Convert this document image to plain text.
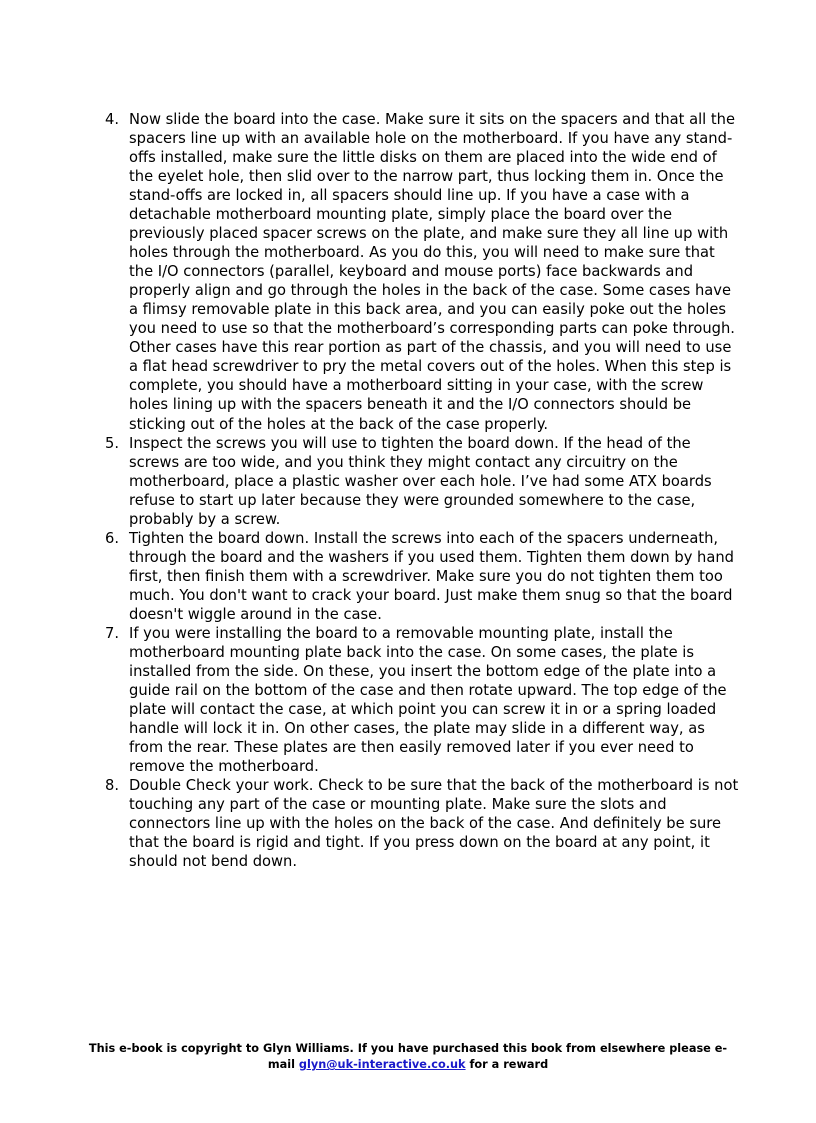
4. Now slide the board into the case. Make sure it sits on the spacers and that all the spacers line up with an available hole on the motherboard. If you have any stand-offs installed, make sure the little disks on them are placed into the wide end of the eyelet hole, then slid over to the narrow part, thus locking them in. Once the stand-offs are locked in, all spacers should line up. If you have a case with a detachable motherboard mounting plate, simply place the board over the previously placed spacer screws on the plate, and make sure they all line up with holes through the motherboard. As you do this, you will need to make sure that the I/O connectors (parallel, keyboard and mouse ports) face backwards and properly align and go through the holes in the back of the case. Some cases have a flimsy removable plate in this back area, and you can easily poke out the holes you need to use so that the motherboard’s corresponding parts can poke through. Other cases have this rear portion as part of the chassis, and you will need to use a flat head screwdriver to pry the metal covers out of the holes. When this step is complete, you should have a motherboard sitting in your case, with the screw holes lining up with the spacers beneath it and the I/O connectors should be sticking out of the holes at the back of the case properly.
5. Inspect the screws you will use to tighten the board down. If the head of the screws are too wide, and you think they might contact any circuitry on the motherboard, place a plastic washer over each hole. I’ve had some ATX boards refuse to start up later because they were grounded somewhere to the case, probably by a screw.
6. Tighten the board down. Install the screws into each of the spacers underneath, through the board and the washers if you used them. Tighten them down by hand first, then finish them with a screwdriver. Make sure you do not tighten them too much. You don't want to crack your board. Just make them snug so that the board doesn't wiggle around in the case.
7. If you were installing the board to a removable mounting plate, install the motherboard mounting plate back into the case. On some cases, the plate is installed from the side. On these, you insert the bottom edge of the plate into a guide rail on the bottom of the case and then rotate upward. The top edge of the plate will contact the case, at which point you can screw it in or a spring loaded handle will lock it in. On other cases, the plate may slide in a different way, as from the rear. These plates are then easily removed later if you ever need to remove the motherboard.
8. Double Check your work. Check to be sure that the back of the motherboard is not touching any part of the case or mounting plate. Make sure the slots and connectors line up with the holes on the back of the case. And definitely be sure that the board is rigid and tight. If you press down on the board at any point, it should not bend down.
This e-book is copyright to Glyn Williams. If you have purchased this book from elsewhere please e-mail glyn@uk-interactive.co.uk for a reward
